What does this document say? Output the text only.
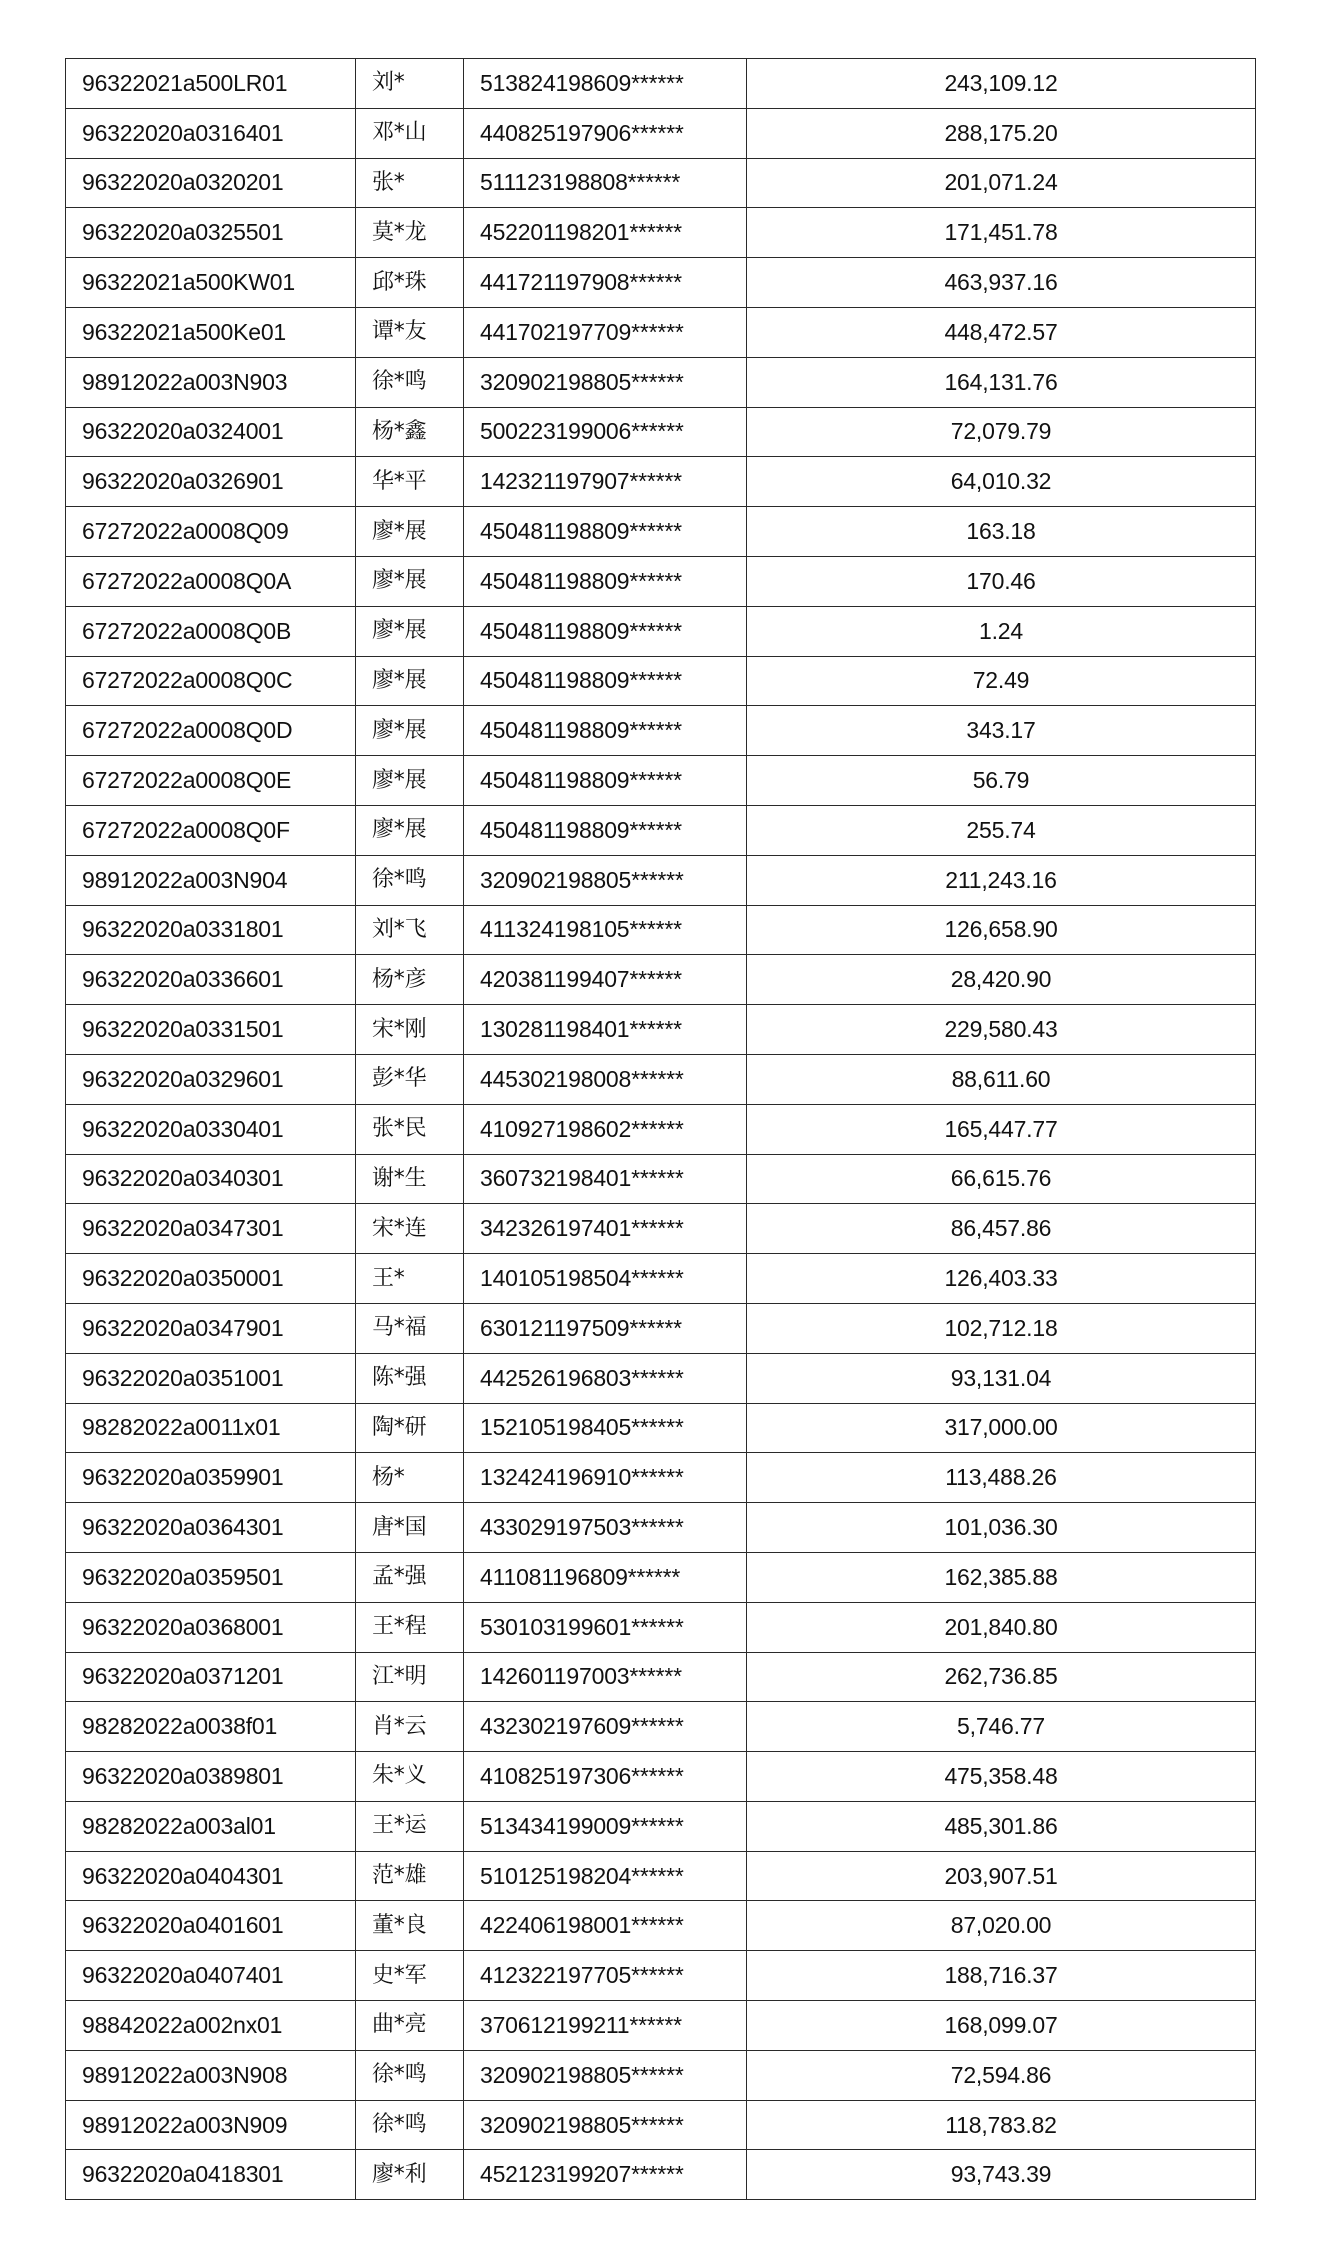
96322021a500LR01	刘*	513824198609******	243,109.12
96322020a0316401	邓*山	440825197906******	288,175.20
96322020a0320201	张*	511123198808******	201,071.24
96322020a0325501	莫*龙	452201198201******	171,451.78
96322021a500KW01	邱*珠	441721197908******	463,937.16
96322021a500Ke01	谭*友	441702197709******	448,472.57
98912022a003N903	徐*鸣	320902198805******	164,131.76
96322020a0324001	杨*鑫	500223199006******	72,079.79
96322020a0326901	华*平	142321197907******	64,010.32
67272022a0008Q09	廖*展	450481198809******	163.18
67272022a0008Q0A	廖*展	450481198809******	170.46
67272022a0008Q0B	廖*展	450481198809******	1.24
67272022a0008Q0C	廖*展	450481198809******	72.49
67272022a0008Q0D	廖*展	450481198809******	343.17
67272022a0008Q0E	廖*展	450481198809******	56.79
67272022a0008Q0F	廖*展	450481198809******	255.74
98912022a003N904	徐*鸣	320902198805******	211,243.16
96322020a0331801	刘*飞	411324198105******	126,658.90
96322020a0336601	杨*彦	420381199407******	28,420.90
96322020a0331501	宋*刚	130281198401******	229,580.43
96322020a0329601	彭*华	445302198008******	88,611.60
96322020a0330401	张*民	410927198602******	165,447.77
96322020a0340301	谢*生	360732198401******	66,615.76
96322020a0347301	宋*连	342326197401******	86,457.86
96322020a0350001	王*	140105198504******	126,403.33
96322020a0347901	马*福	630121197509******	102,712.18
96322020a0351001	陈*强	442526196803******	93,131.04
98282022a0011x01	陶*研	152105198405******	317,000.00
96322020a0359901	杨*	132424196910******	113,488.26
96322020a0364301	唐*国	433029197503******	101,036.30
96322020a0359501	孟*强	411081196809******	162,385.88
96322020a0368001	王*程	530103199601******	201,840.80
96322020a0371201	江*明	142601197003******	262,736.85
98282022a0038f01	肖*云	432302197609******	5,746.77
96322020a0389801	朱*义	410825197306******	475,358.48
98282022a003al01	王*运	513434199009******	485,301.86
96322020a0404301	范*雄	510125198204******	203,907.51
96322020a0401601	董*良	422406198001******	87,020.00
96322020a0407401	史*军	412322197705******	188,716.37
98842022a002nx01	曲*亮	370612199211******	168,099.07
98912022a003N908	徐*鸣	320902198805******	72,594.86
98912022a003N909	徐*鸣	320902198805******	118,783.82
96322020a0418301	廖*利	452123199207******	93,743.39
